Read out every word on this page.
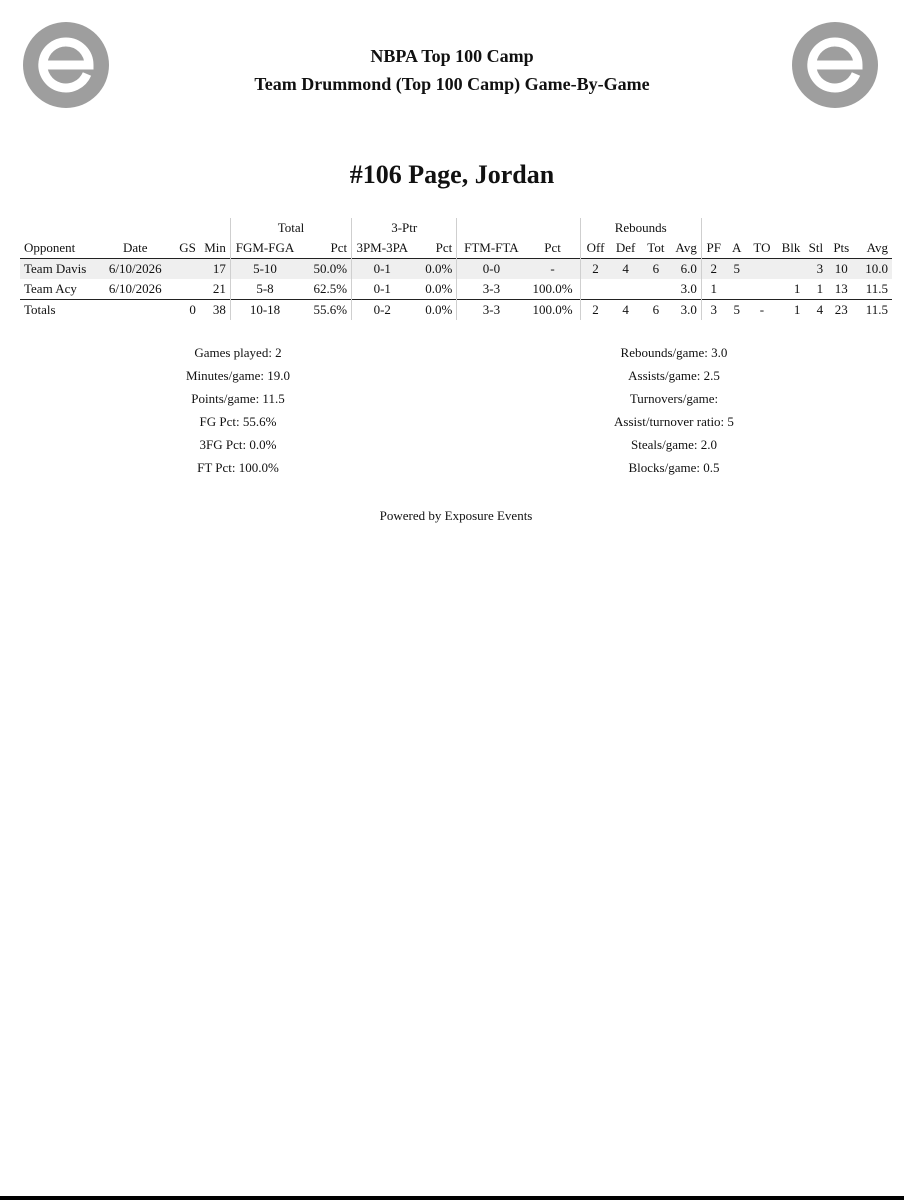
NBPA Top 100 Camp
Team Drummond (Top 100 Camp) Game-By-Game
#106 Page, Jordan
				Total		3-Ptr				Rebounds										
Opponent	Date	GS	Min	FGM-FGA	Pct	3PM-3PA	Pct	FTM-FTA	Pct	Off	Def	Tot	Avg	PF	A	TO	Blk	Stl	Pts	Avg
Team Davis	6/10/2026		17	5-10	50.0%	0-1	0.0%	0-0	-	2	4	6	6.0	2	5			3	10	10.0
Team Acy	6/10/2026		21	5-8	62.5%	0-1	0.0%	3-3	100.0%				3.0	1			1	1	13	11.5
Totals		0	38	10-18	55.6%	0-2	0.0%	3-3	100.0%	2	4	6	3.0	3	5	-	1	4	23	11.5
Games played: 2
Minutes/game: 19.0
Points/game: 11.5
FG Pct: 55.6%
3FG Pct: 0.0%
FT Pct: 100.0%
Rebounds/game: 3.0
Assists/game: 2.5
Turnovers/game:
Assist/turnover ratio: 5
Steals/game: 2.0
Blocks/game: 0.5
Powered by Exposure Events
